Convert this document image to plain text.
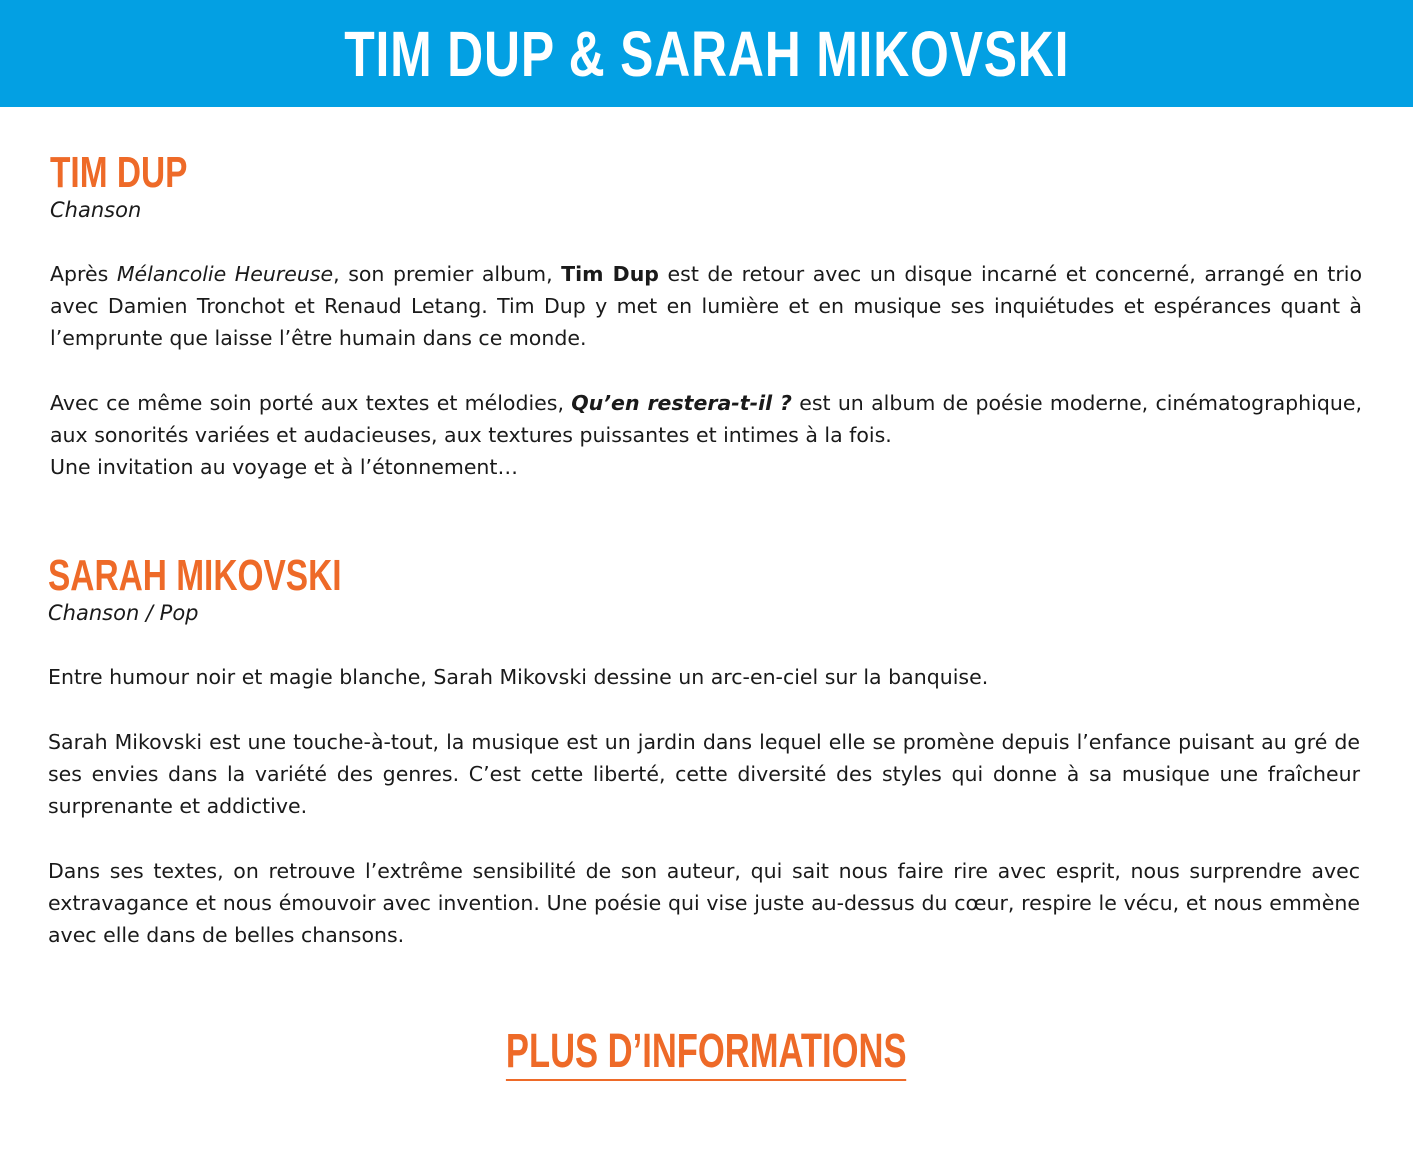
TIM DUP & SARAH MIKOVSKI
TIM DUP

Chanson

Après Mélancolie Heureuse, son premier album, Tim Dup est de retour avec un disque incarné et concerné, arrangé en trio avec Damien Tronchot et Renaud Letang. Tim Dup y met en lumière et en musique ses inquiétudes et espérances quant à l’emprunte que laisse l’être humain dans ce monde.

Avec ce même soin porté aux textes et mélodies, Qu’en restera-t-il ? est un album de poésie moderne, cinématographique, aux sonorités variées et audacieuses, aux textures puissantes et intimes à la fois.
Une invitation au voyage et à l’étonnement…

SARAH MIKOVSKI

Chanson / Pop

Entre humour noir et magie blanche, Sarah Mikovski dessine un arc-en-ciel sur la banquise.

Sarah Mikovski est une touche-à-tout, la musique est un jardin dans lequel elle se promène depuis l’enfance puisant au gré de ses envies dans la variété des genres. C’est cette liberté, cette diversité des styles qui donne à sa musique une fraîcheur surprenante et addictive.

Dans ses textes, on retrouve l’extrême sensibilité de son auteur, qui sait nous faire rire avec esprit, nous surprendre avec extravagance et nous émouvoir avec invention. Une poésie qui vise juste au-dessus du cœur, respire le vécu, et nous emmène avec elle dans de belles chansons.

PLUS D’INFORMATIONS
